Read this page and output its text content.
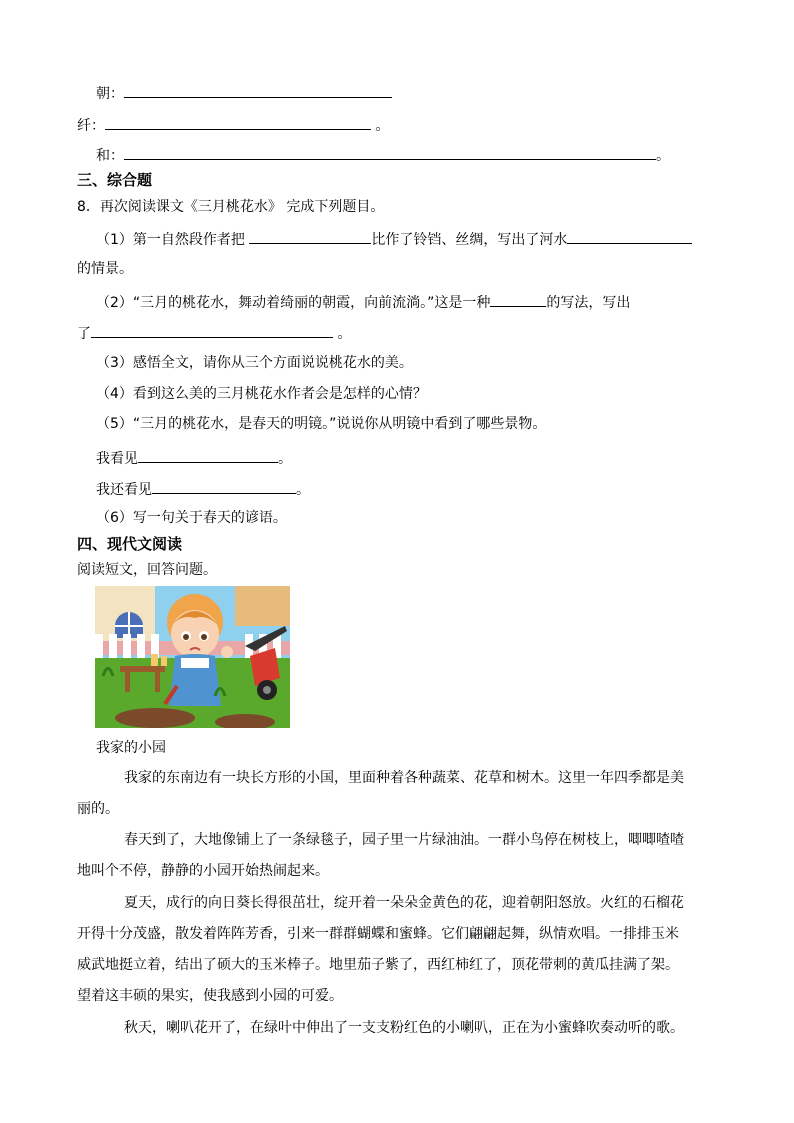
朝：
纤：	。
和：	。
三、综合题
8．再次阅读课文《三月桃花水》 完成下列题目。
（1）第一自然段作者把	比作了铃铛、丝绸，写出了河水
的情景。
（2）“三月的桃花水，舞动着绮丽的朝霞，向前流淌。”这是一种	的写法，写出
了	。
（3）感悟全文，请你从三个方面说说桃花水的美。
（4）看到这么美的三月桃花水作者会是怎样的心情？
（5）“三月的桃花水，是春天的明镜。”说说你从明镜中看到了哪些景物。
我看见	。
我还看见	。
（6）写一句关于春天的谚语。
四、现代文阅读
阅读短文，回答问题。
我家的小园
我家的东南边有一块长方形的小国，里面种着各种蔬菜、花草和树木。这里一年四季都是美
丽的。
春天到了，大地像铺上了一条绿毯子，园子里一片绿油油。一群小鸟停在树枝上，唧唧喳喳
地叫个不停，静静的小园开始热闹起来。
夏天，成行的向日葵长得很茁壮，绽开着一朵朵金黄色的花，迎着朝阳怒放。火红的石榴花
开得十分茂盛，散发着阵阵芳香，引来一群群蝴蝶和蜜蜂。它们翩翩起舞，纵情欢唱。一排排玉米
威武地挺立着，结出了硕大的玉米棒子。地里茄子紫了，西红柿红了，顶花带刺的黄瓜挂满了架。
望着这丰硕的果实，使我感到小园的可爱。
秋天，喇叭花开了，在绿叶中伸出了一支支粉红色的小喇叭，正在为小蜜蜂吹奏动听的歌。
